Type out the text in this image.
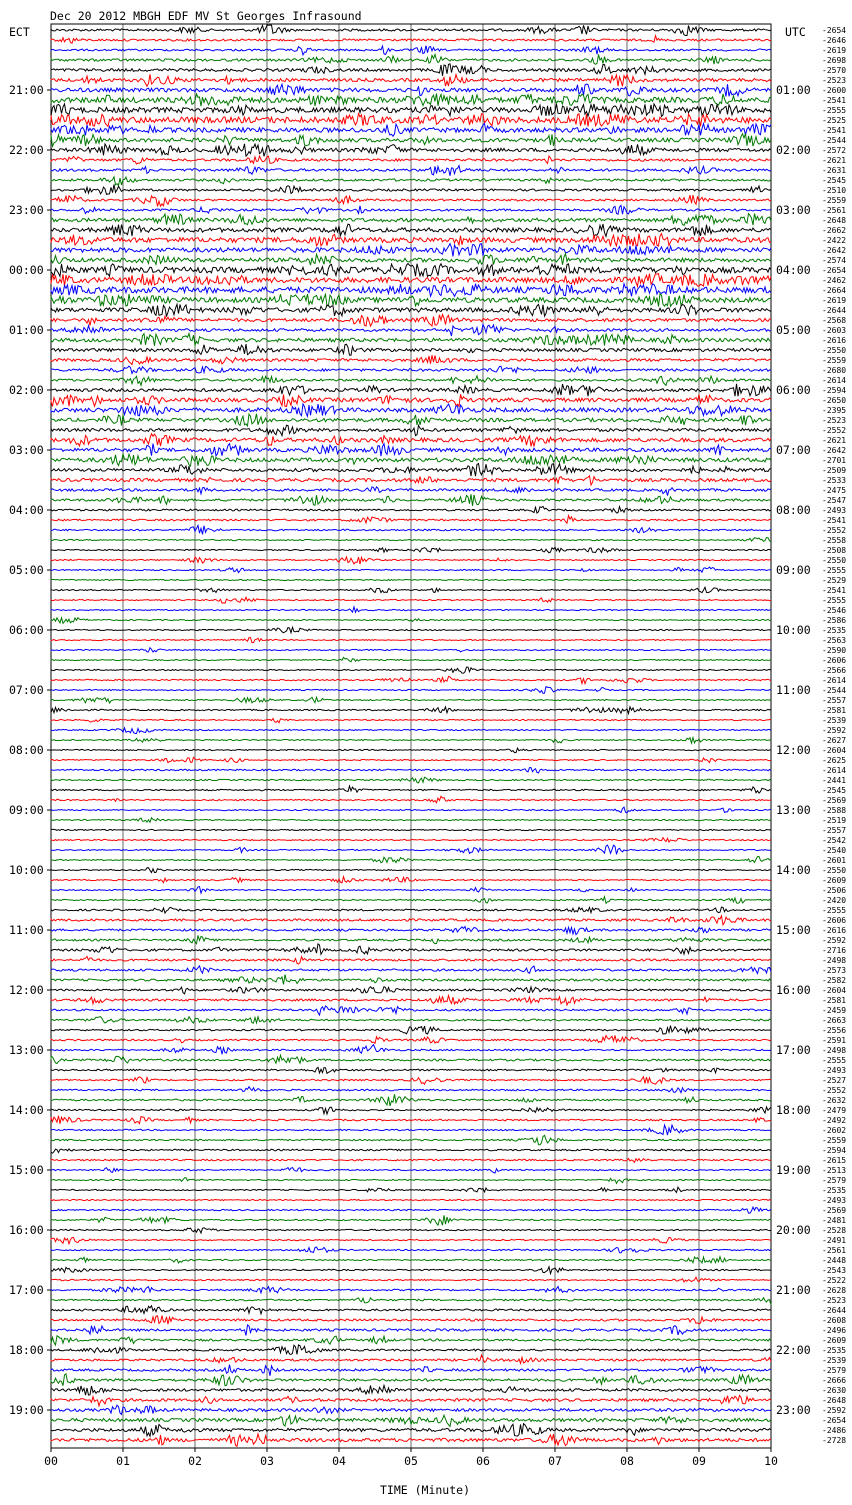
Dec 20 2012 MBGH EDF MV St Georges Infrasound
ECT	UTC
TIME (Minute)
21:00
22:00
23:00
00:00
01:00
02:00
03:00
04:00
05:00
06:00
07:00
08:00
09:00
10:00
11:00
12:00
13:00
14:00
15:00
16:00
17:00
18:00
19:00
01:00
02:00
03:00
04:00
05:00
06:00
07:00
08:00
09:00
10:00
11:00
12:00
13:00
14:00
15:00
16:00
17:00
18:00
19:00
20:00
21:00
22:00
23:00
-2654
-2646
-2619
-2698
-2570
-2523
-2600
-2541
-2555
-2525
-2541
-2544
-2572
-2621
-2631
-2545
-2510
-2559
-2561
-2648
-2662
-2422
-2642
-2574
-2654
-2462
-2664
-2619
-2644
-2568
-2603
-2616
-2550
-2559
-2680
-2614
-2594
-2650
-2395
-2523
-2552
-2621
-2642
-2701
-2509
-2533
-2475
-2547
-2493
-2541
-2552
-2558
-2508
-2550
-2555
-2529
-2541
-2555
-2546
-2586
-2535
-2563
-2590
-2606
-2566
-2614
-2544
-2557
-2581
-2539
-2592
-2627
-2604
-2625
-2614
-2441
-2545
-2569
-2588
-2519
-2557
-2542
-2540
-2601
-2550
-2609
-2506
-2420
-2555
-2606
-2616
-2592
-2716
-2498
-2573
-2582
-2604
-2581
-2459
-2663
-2556
-2591
-2498
-2555
-2493
-2527
-2552
-2632
-2479
-2492
-2602
-2559
-2594
-2615
-2513
-2579
-2535
-2493
-2569
-2481
-2528
-2491
-2561
-2448
-2543
-2522
-2628
-2523
-2644
-2608
-2496
-2609
-2535
-2539
-2579
-2666
-2630
-2648
-2592
-2654
-2486
-2728
00	01	02	03	04	05	06	07	08	09	10
